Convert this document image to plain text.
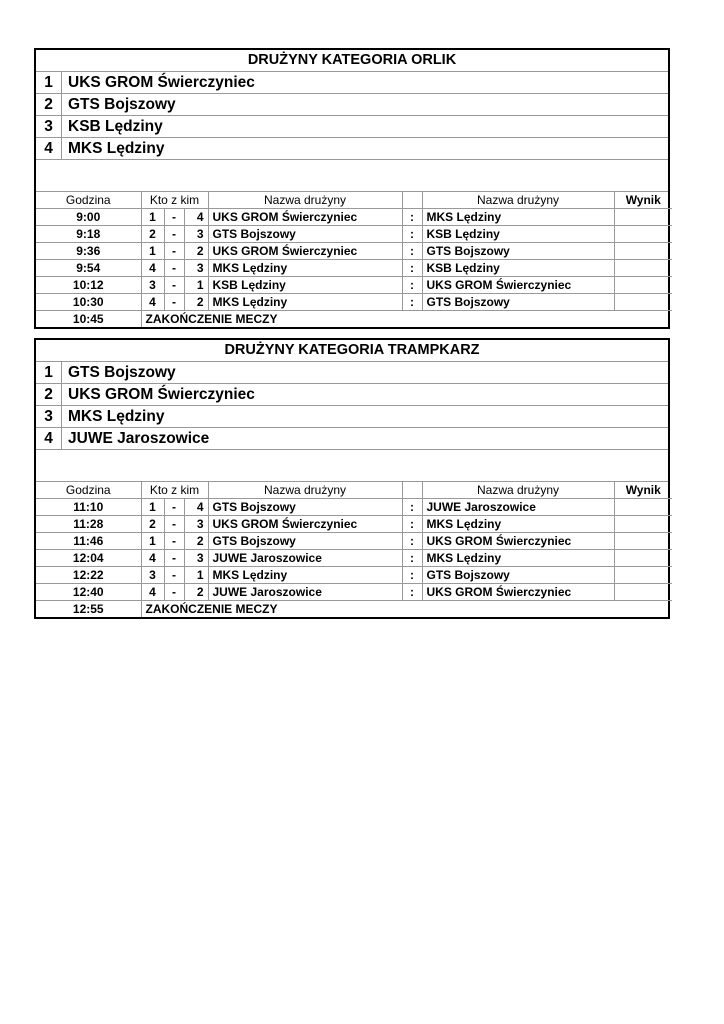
DRUŻYNY KATEGORIA ORLIK
1 UKS GROM Świerczyniec
2 GTS Bojszowy
3 KSB Lędziny
4 MKS Lędziny
Godzina	Kto z kim			Nazwa drużyny		Nazwa drużyny	Wynik
9:00	1	-	4	UKS GROM Świerczyniec	:	MKS Lędziny	
9:18	2	-	3	GTS Bojszowy	:	KSB Lędziny	
9:36	1	-	2	UKS GROM Świerczyniec	:	GTS Bojszowy	
9:54	4	-	3	MKS Lędziny	:	KSB Lędziny	
10:12	3	-	1	KSB Lędziny	:	UKS GROM Świerczyniec	
10:30	4	-	2	MKS Lędziny	:	GTS Bojszowy	
10:45	ZAKOŃCZENIE MECZY						
DRUŻYNY KATEGORIA TRAMPKARZ
1 GTS Bojszowy
2 UKS GROM Świerczyniec
3 MKS Lędziny
4 JUWE Jaroszowice
Godzina	Kto z kim			Nazwa drużyny		Nazwa drużyny	Wynik
11:10	1	-	4	GTS Bojszowy	:	JUWE Jaroszowice	
11:28	2	-	3	UKS GROM Świerczyniec	:	MKS Lędziny	
11:46	1	-	2	GTS Bojszowy	:	UKS GROM Świerczyniec	
12:04	4	-	3	JUWE Jaroszowice	:	MKS Lędziny	
12:22	3	-	1	MKS Lędziny	:	GTS Bojszowy	
12:40	4	-	2	JUWE Jaroszowice	:	UKS GROM Świerczyniec	
12:55	ZAKOŃCZENIE MECZY						
